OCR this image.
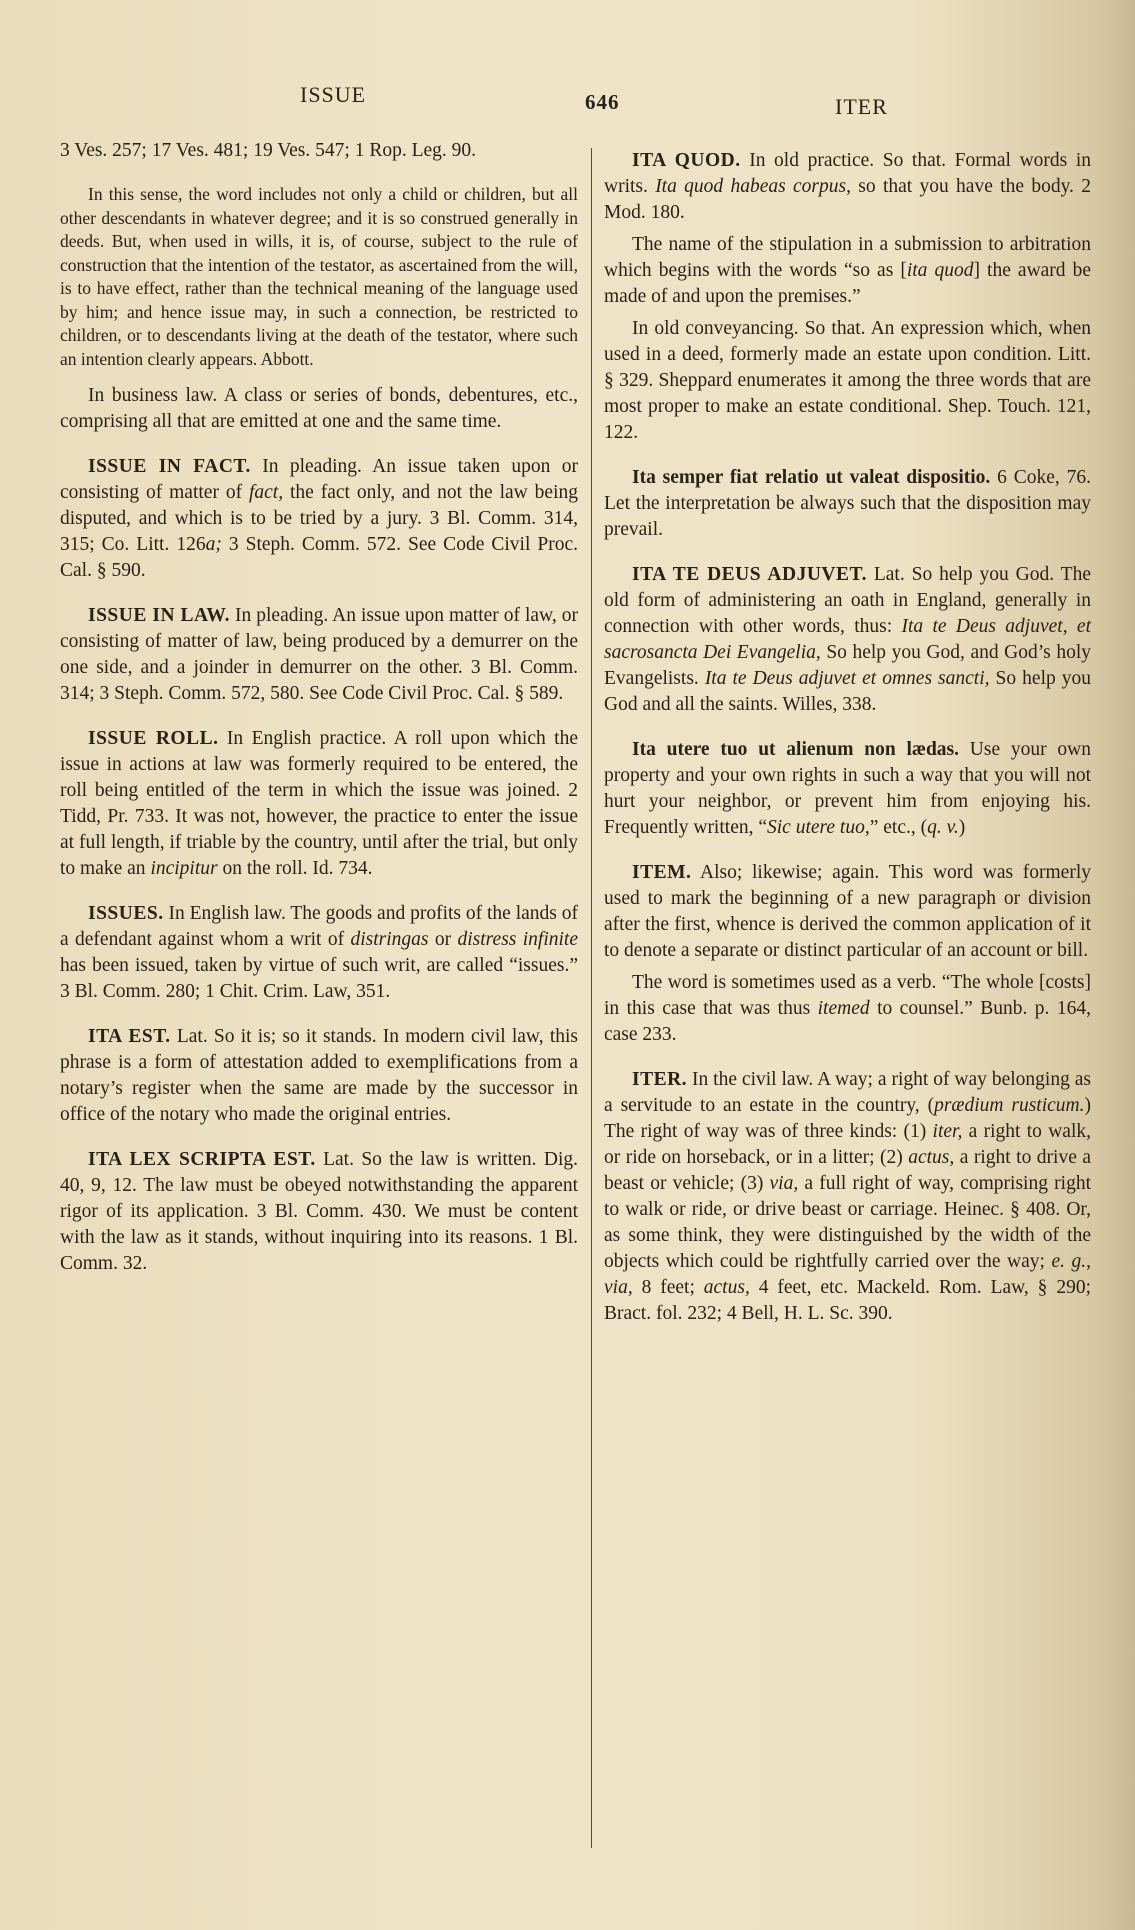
ISSUE	646	ITER

3 Ves. 257; 17 Ves. 481; 19 Ves. 547; 1 Rop. Leg. 90.

In this sense, the word includes not only a child or children, but all other descendants in whatever degree; and it is so construed generally in deeds. But, when used in wills, it is, of course, subject to the rule of construction that the intention of the testator, as ascertained from the will, is to have effect, rather than the technical meaning of the language used by him; and hence issue may, in such a connection, be restricted to children, or to descendants living at the death of the testator, where such an intention clearly appears. Abbott.

In business law. A class or series of bonds, debentures, etc., comprising all that are emitted at one and the same time.

ISSUE IN FACT. In pleading. An issue taken upon or consisting of matter of fact, the fact only, and not the law being disputed, and which is to be tried by a jury. 3 Bl. Comm. 314, 315; Co. Litt. 126a; 3 Steph. Comm. 572. See Code Civil Proc. Cal. § 590.

ISSUE IN LAW. In pleading. An issue upon matter of law, or consisting of matter of law, being produced by a demurrer on the one side, and a joinder in demurrer on the other. 3 Bl. Comm. 314; 3 Steph. Comm. 572, 580. See Code Civil Proc. Cal. § 589.

ISSUE ROLL. In English practice. A roll upon which the issue in actions at law was formerly required to be entered, the roll being entitled of the term in which the issue was joined. 2 Tidd, Pr. 733. It was not, however, the practice to enter the issue at full length, if triable by the country, until after the trial, but only to make an incipitur on the roll. Id. 734.

ISSUES. In English law. The goods and profits of the lands of a defendant against whom a writ of distringas or distress infinite has been issued, taken by virtue of such writ, are called “issues.” 3 Bl. Comm. 280; 1 Chit. Crim. Law, 351.

ITA EST. Lat. So it is; so it stands. In modern civil law, this phrase is a form of attestation added to exemplifications from a notary’s register when the same are made by the successor in office of the notary who made the original entries.

ITA LEX SCRIPTA EST. Lat. So the law is written. Dig. 40, 9, 12. The law must be obeyed notwithstanding the apparent rigor of its application. 3 Bl. Comm. 430. We must be content with the law as it stands, without inquiring into its reasons. 1 Bl. Comm. 32.

ITA QUOD. In old practice. So that. Formal words in writs. Ita quod habeas corpus, so that you have the body. 2 Mod. 180.

The name of the stipulation in a submission to arbitration which begins with the words “so as [ita quod] the award be made of and upon the premises.”

In old conveyancing. So that. An expression which, when used in a deed, formerly made an estate upon condition. Litt. § 329. Sheppard enumerates it among the three words that are most proper to make an estate conditional. Shep. Touch. 121, 122.

Ita semper fiat relatio ut valeat dispositio. 6 Coke, 76. Let the interpretation be always such that the disposition may prevail.

ITA TE DEUS ADJUVET. Lat. So help you God. The old form of administering an oath in England, generally in connection with other words, thus: Ita te Deus adjuvet, et sacrosancta Dei Evangelia, So help you God, and God’s holy Evangelists. Ita te Deus adjuvet et omnes sancti, So help you God and all the saints. Willes, 338.

Ita utere tuo ut alienum non lædas. Use your own property and your own rights in such a way that you will not hurt your neighbor, or prevent him from enjoying his. Frequently written, “Sic utere tuo,” etc., (q. v.)

ITEM. Also; likewise; again. This word was formerly used to mark the beginning of a new paragraph or division after the first, whence is derived the common application of it to denote a separate or distinct particular of an account or bill.

The word is sometimes used as a verb. “The whole [costs] in this case that was thus itemed to counsel.” Bunb. p. 164, case 233.

ITER. In the civil law. A way; a right of way belonging as a servitude to an estate in the country, (prædium rusticum.) The right of way was of three kinds: (1) iter, a right to walk, or ride on horseback, or in a litter; (2) actus, a right to drive a beast or vehicle; (3) via, a full right of way, comprising right to walk or ride, or drive beast or carriage. Heinec. § 408. Or, as some think, they were distinguished by the width of the objects which could be rightfully carried over the way; e. g., via, 8 feet; actus, 4 feet, etc. Mackeld. Rom. Law, § 290; Bract. fol. 232; 4 Bell, H. L. Sc. 390.
